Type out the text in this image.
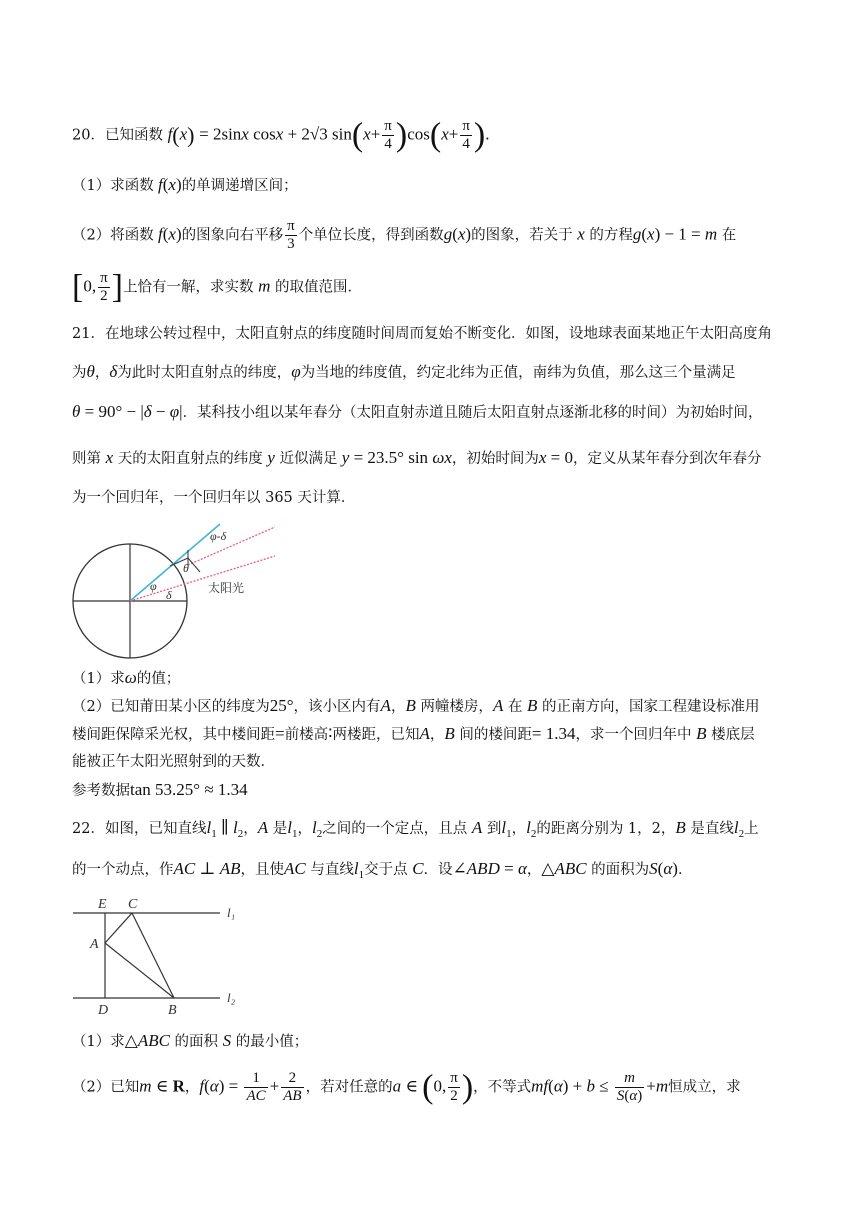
20．已知函数 f(x) = 2sinx cosx + 2√3 $\sin(x+ \frac{\pi}{4} )\cos(x+ \frac{\pi}{4}$ ).
（1）求函数 f(x)的单调递增区间；
（2）将函数 f(x)的图象向右平移 $\frac{\pi}{3}$ 个单位长度，得到函数g(x)的图象，若关于 x 的方程g(x) − 1 = m 在
[0, $\frac{\pi}{2}$ ]上恰有一解，求实数 m 的取值范围．
21．在地球公转过程中，太阳直射点的纬度随时间周而复始不断变化．如图，设地球表面某地正午太阳高度角
为θ，δ为此时太阳直射点的纬度，φ为当地的纬度值，约定北纬为正值，南纬为负值，那么这三个量满足
θ = 90° − |δ − φ|．某科技小组以某年春分（太阳直射赤道且随后太阳直射点逐渐北移的时间）为初始时间，
则第 x 天的太阳直射点的纬度 y 近似满足 y = 23.5° sin ωx，初始时间为x = 0，定义从某年春分到次年春分
为一个回归年，一个回归年以 365 天计算．
φ-δ
θ
φ
δ	太阳光
（1）求ω的值；
（2）已知莆田某小区的纬度为25°，该小区内有A，B 两幢楼房，A 在 B 的正南方向，国家工程建设标准用
楼间距保障采光权，其中楼间距=前楼高∶两楼距，已知A，B 间的楼间距= 1.34，求一个回归年中 B 楼底层
能被正午太阳光照射到的天数．
参考数据tan 53.25° ≈ 1.34
22．如图，已知直线$l_1$ ∥ $l_2$，A 是$l_1$，$l_2$之间的一个定点，且点 A 到$l_1$，$l_2$的距离分别为 1，2，B 是直线$l_2$上
的一个动点，作AC ⊥ AB，且使AC 与直线$l_1$交于点 C．设∠ABD = α，△ABC 的面积为S(α)．
E C
A
D	B
l₁
l₂
（1）求△ABC 的面积 S 的最小值；
（2）已知m ∈ R，$f(\alpha) = \frac{1}{AC} + \frac{2}{AB}$ ，若对任意的a ∈ (0, $\frac{\pi}{2}$ )，不等式$mf(\alpha) + b \le \frac{m}{S(\alpha)} +m$恒成立，求
